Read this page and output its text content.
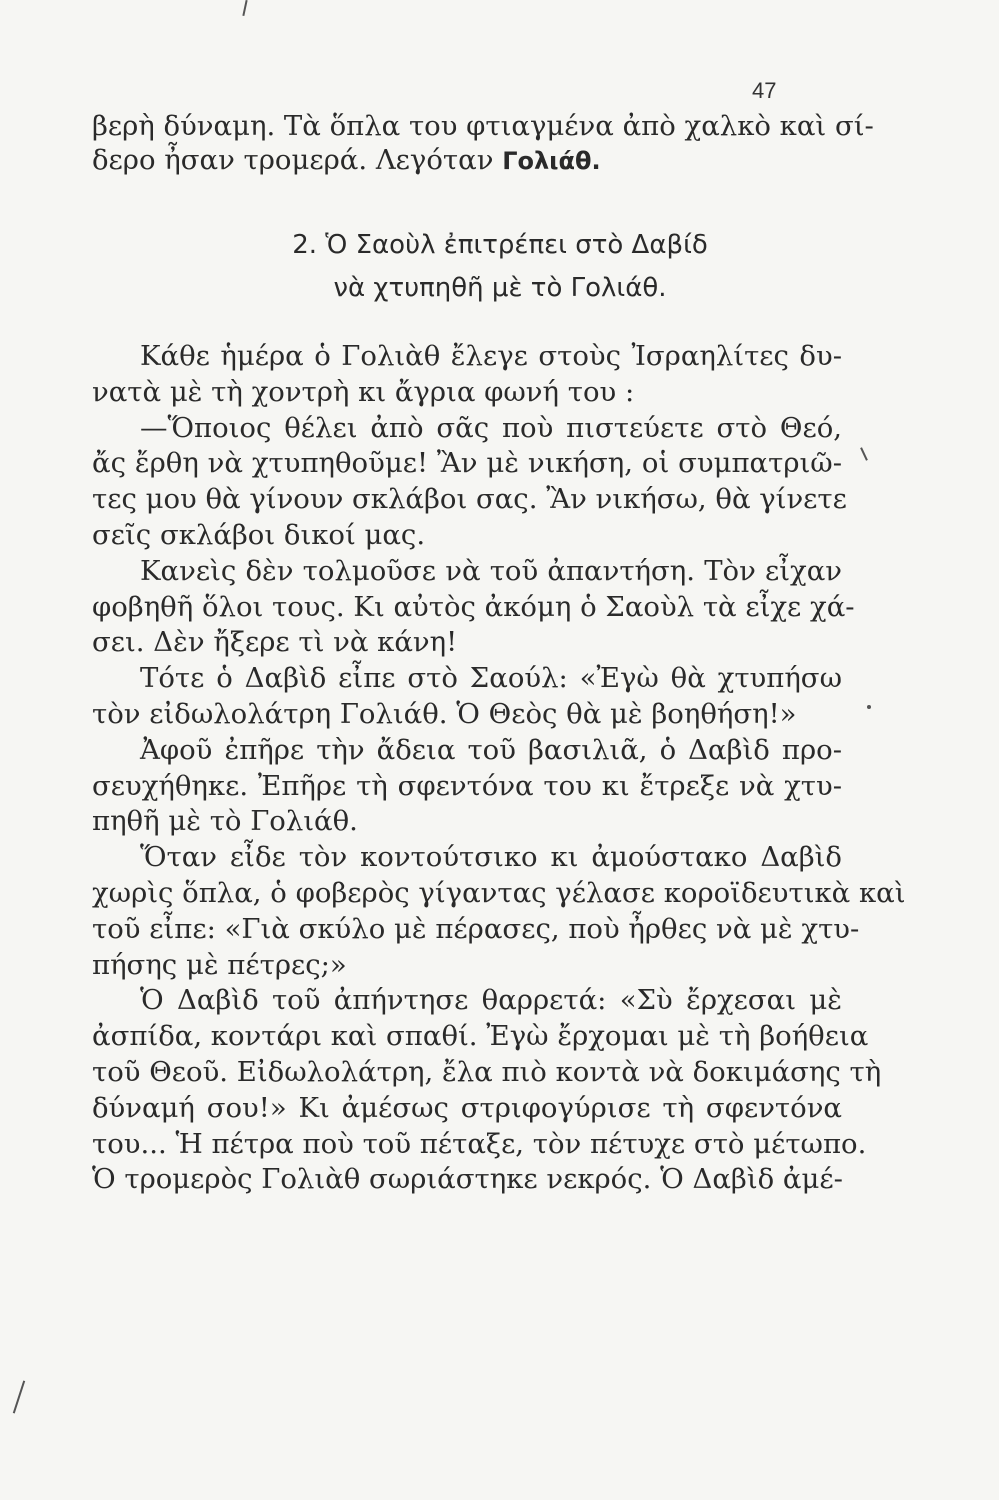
47
βερὴ δύναμη. Τὰ ὅπλα του φτιαγμένα ἀπὸ χαλκὸ καὶ σί-
δερο ἦσαν τρομερά. Λεγόταν Γολιάθ.
2. Ὁ Σαοὺλ ἐπιτρέπει στὸ Δαβίδ
νὰ χτυπηθῆ μὲ τὸ Γολιάθ.
Κάθε ἡμέρα ὁ Γολιὰθ ἔλεγε στοὺς Ἰσραηλίτες δυ-
νατὰ μὲ τὴ χοντρὴ κι ἄγρια φωνή του :
—Ὅποιος θέλει ἀπὸ σᾶς ποὺ πιστεύετε στὸ Θεό,
ἄς ἔρθη νὰ χτυπηθοῦμε! Ἂν μὲ νικήση, οἱ συμπατριῶ-
τες μου θὰ γίνουν σκλάβοι σας. Ἂν νικήσω, θὰ γίνετε
σεῖς σκλάβοι δικοί μας.
Κανεὶς δὲν τολμοῦσε νὰ τοῦ ἀπαντήση. Τὸν εἶχαν
φοβηθῆ ὅλοι τους. Κι αὐτὸς ἀκόμη ὁ Σαοὺλ τὰ εἶχε χά-
σει. Δὲν ἤξερε τὶ νὰ κάνη!
Τότε ὁ Δαβὶδ εἶπε στὸ Σαούλ: «Ἐγὼ θὰ χτυπήσω
τὸν εἰδωλολάτρη Γολιάθ. Ὁ Θεὸς θὰ μὲ βοηθήση!»
Ἀφοῦ ἐπῆρε τὴν ἄδεια τοῦ βασιλιᾶ, ὁ Δαβὶδ προ-
σευχήθηκε. Ἐπῆρε τὴ σφεντόνα του κι ἔτρεξε νὰ χτυ-
πηθῆ μὲ τὸ Γολιάθ.
Ὅταν εἶδε τὸν κοντούτσικο κι ἀμούστακο Δαβὶδ
χωρὶς ὅπλα, ὁ φοβερὸς γίγαντας γέλασε κοροϊδευτικὰ καὶ
τοῦ εἶπε: «Γιὰ σκύλο μὲ πέρασες, ποὺ ἦρθες νὰ μὲ χτυ-
πήσης μὲ πέτρες;»
Ὁ Δαβὶδ τοῦ ἀπήντησε θαρρετά: «Σὺ ἔρχεσαι μὲ
ἀσπίδα, κοντάρι καὶ σπαθί. Ἐγὼ ἔρχομαι μὲ τὴ βοήθεια
τοῦ Θεοῦ. Εἰδωλολάτρη, ἔλα πιὸ κοντὰ νὰ δοκιμάσης τὴ
δύναμή σου!» Κι ἀμέσως στριφογύρισε τὴ σφεντόνα
του... Ἡ πέτρα ποὺ τοῦ πέταξε, τὸν πέτυχε στὸ μέτωπο.
Ὁ τρομερὸς Γολιὰθ σωριάστηκε νεκρός. Ὁ Δαβὶδ ἀμέ-
